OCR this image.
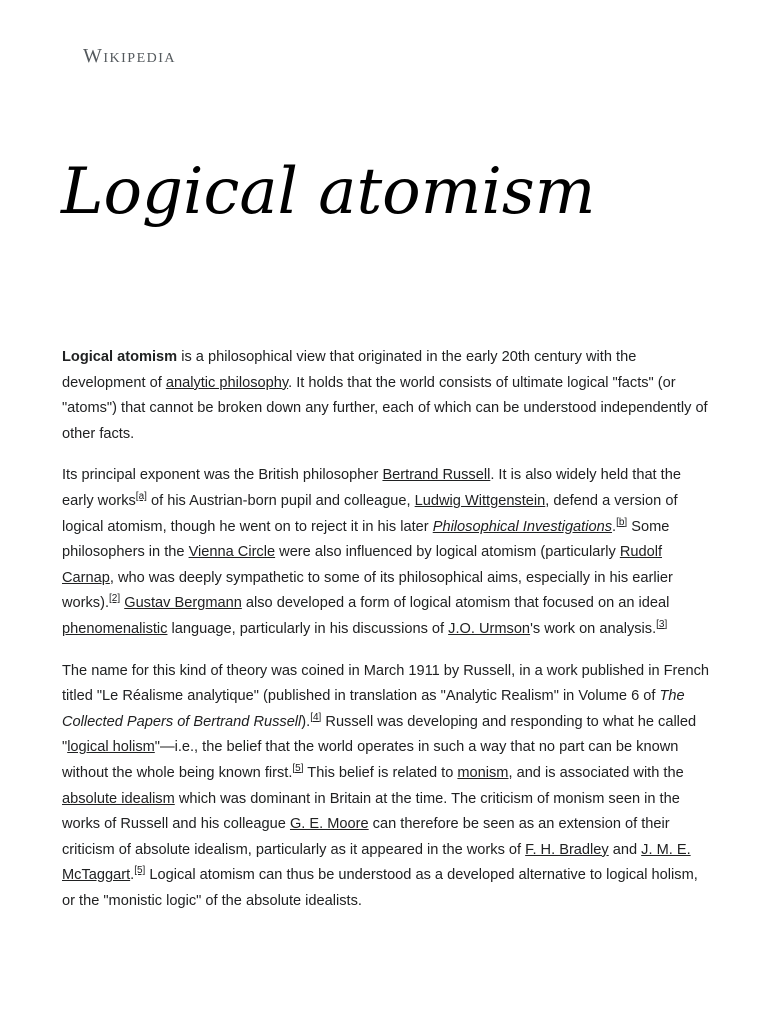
Wikipedia
Logical atomism

Logical atomism is a philosophical view that originated in the early 20th century with the development of analytic philosophy. It holds that the world consists of ultimate logical "facts" (or "atoms") that cannot be broken down any further, each of which can be understood independently of other facts.

Its principal exponent was the British philosopher Bertrand Russell. It is also widely held that the early works[a] of his Austrian-born pupil and colleague, Ludwig Wittgenstein, defend a version of logical atomism, though he went on to reject it in his later Philosophical Investigations.[b] Some philosophers in the Vienna Circle were also influenced by logical atomism (particularly Rudolf Carnap, who was deeply sympathetic to some of its philosophical aims, especially in his earlier works).[2] Gustav Bergmann also developed a form of logical atomism that focused on an ideal phenomenalistic language, particularly in his discussions of J.O. Urmson's work on analysis.[3]

The name for this kind of theory was coined in March 1911 by Russell, in a work published in French titled "Le Réalisme analytique" (published in translation as "Analytic Realism" in Volume 6 of The Collected Papers of Bertrand Russell).[4] Russell was developing and responding to what he called "logical holism"—i.e., the belief that the world operates in such a way that no part can be known without the whole being known first.[5] This belief is related to monism, and is associated with the absolute idealism which was dominant in Britain at the time. The criticism of monism seen in the works of Russell and his colleague G. E. Moore can therefore be seen as an extension of their criticism of absolute idealism, particularly as it appeared in the works of F. H. Bradley and J. M. E. McTaggart.[5] Logical atomism can thus be understood as a developed alternative to logical holism, or the "monistic logic" of the absolute idealists.
